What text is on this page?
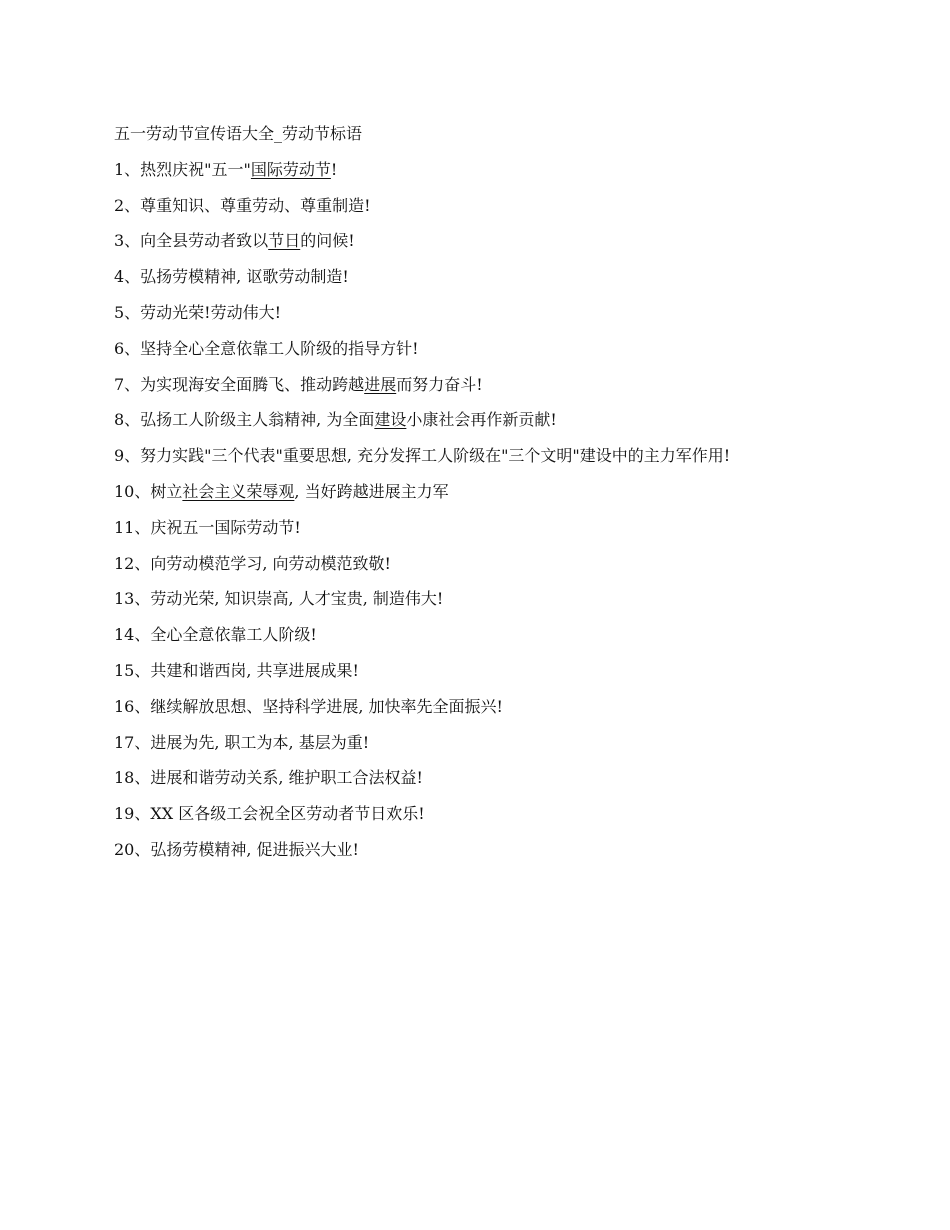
五一劳动节宣传语大全_劳动节标语
1、热烈庆祝"五一"国际劳动节!
2、尊重知识、尊重劳动、尊重制造!
3、向全县劳动者致以节日的问候!
4、弘扬劳模精神, 讴歌劳动制造!
5、劳动光荣!劳动伟大!
6、坚持全心全意依靠工人阶级的指导方针!
7、为实现海安全面腾飞、推动跨越进展而努力奋斗!
8、弘扬工人阶级主人翁精神, 为全面建设小康社会再作新贡献!
9、努力实践"三个代表"重要思想, 充分发挥工人阶级在"三个文明"建设中的主力军作用!
10、树立社会主义荣辱观, 当好跨越进展主力军
11、庆祝五一国际劳动节!
12、向劳动模范学习, 向劳动模范致敬!
13、劳动光荣, 知识崇高, 人才宝贵, 制造伟大!
14、全心全意依靠工人阶级!
15、共建和谐西岗, 共享进展成果!
16、继续解放思想、坚持科学进展, 加快率先全面振兴!
17、进展为先, 职工为本, 基层为重!
18、进展和谐劳动关系, 维护职工合法权益!
19、XX 区各级工会祝全区劳动者节日欢乐!
20、弘扬劳模精神, 促进振兴大业!
